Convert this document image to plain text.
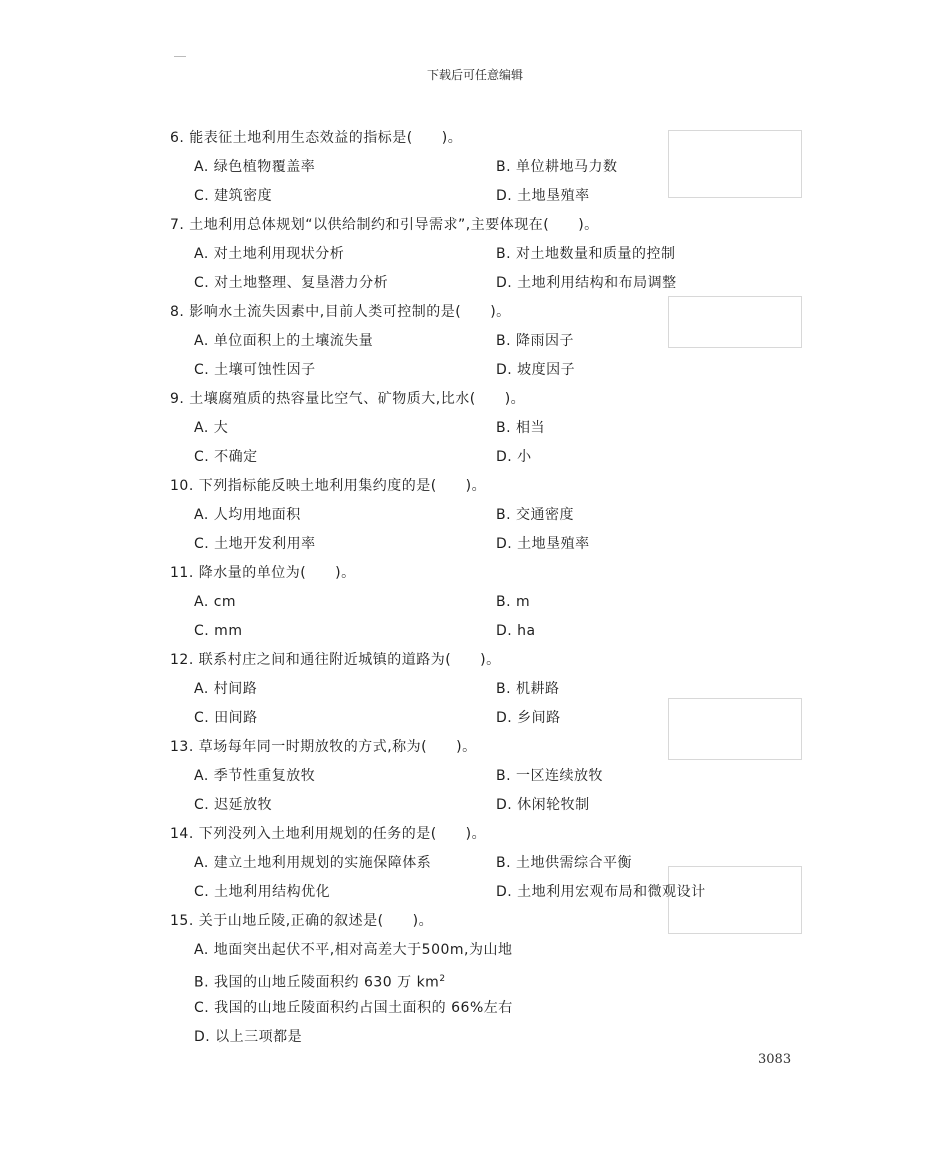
下载后可任意编辑
6. 能表征土地利用生态效益的指标是(　　)。
A. 绿色植物覆盖率	B. 单位耕地马力数
C. 建筑密度	D. 土地垦殖率
7. 土地利用总体规划“以供给制约和引导需求”,主要体现在(　　)。
A. 对土地利用现状分析	B. 对土地数量和质量的控制
C. 对土地整理、复垦潜力分析	D. 土地利用结构和布局调整
8. 影响水土流失因素中,目前人类可控制的是(　　)。
A. 单位面积上的土壤流失量	B. 降雨因子
C. 土壤可蚀性因子	D. 坡度因子
9. 土壤腐殖质的热容量比空气、矿物质大,比水(　　)。
A. 大	B. 相当
C. 不确定	D. 小
10. 下列指标能反映土地利用集约度的是(　　)。
A. 人均用地面积	B. 交通密度
C. 土地开发利用率	D. 土地垦殖率
11. 降水量的单位为(　　)。
A. cm	B. m
C. mm	D. ha
12. 联系村庄之间和通往附近城镇的道路为(　　)。
A. 村间路	B. 机耕路
C. 田间路	D. 乡间路
13. 草场每年同一时期放牧的方式,称为(　　)。
A. 季节性重复放牧	B. 一区连续放牧
C. 迟延放牧	D. 休闲轮牧制
14. 下列没列入土地利用规划的任务的是(　　)。
A. 建立土地利用规划的实施保障体系	B. 土地供需综合平衡
C. 土地利用结构优化	D. 土地利用宏观布局和微观设计
15. 关于山地丘陵,正确的叙述是(　　)。
A. 地面突出起伏不平,相对高差大于500m,为山地
B. 我国的山地丘陵面积约 630 万 $km^2$
C. 我国的山地丘陵面积约占国土面积的 66%左右
D. 以上三项都是
3083
